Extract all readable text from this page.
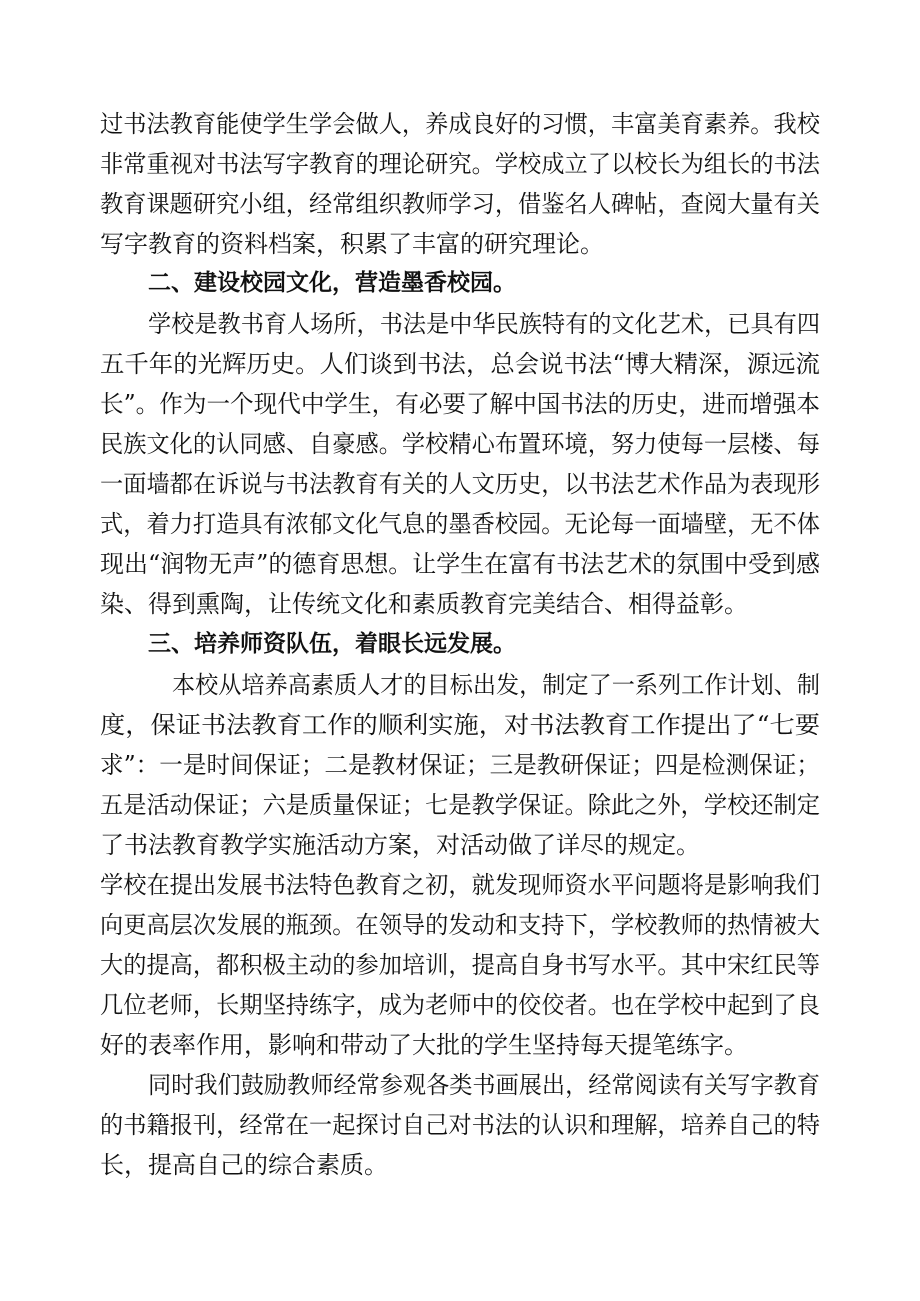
过书法教育能使学生学会做人，养成良好的习惯，丰富美育素养。我校
非常重视对书法写字教育的理论研究。学校成立了以校长为组长的书法
教育课题研究小组，经常组织教师学习，借鉴名人碑帖，查阅大量有关
写字教育的资料档案，积累了丰富的研究理论。
二、建设校园文化，营造墨香校园。
学校是教书育人场所，书法是中华民族特有的文化艺术，已具有四
五千年的光辉历史。人们谈到书法，总会说书法“博大精深，源远流
长”。作为一个现代中学生，有必要了解中国书法的历史，进而增强本
民族文化的认同感、自豪感。学校精心布置环境，努力使每一层楼、每
一面墙都在诉说与书法教育有关的人文历史，以书法艺术作品为表现形
式，着力打造具有浓郁文化气息的墨香校园。无论每一面墙壁，无不体
现出“润物无声”的德育思想。让学生在富有书法艺术的氛围中受到感
染、得到熏陶，让传统文化和素质教育完美结合、相得益彰。
三、培养师资队伍，着眼长远发展。
本校从培养高素质人才的目标出发，制定了一系列工作计划、制
度，保证书法教育工作的顺利实施，对书法教育工作提出了“七要
求”：一是时间保证；二是教材保证；三是教研保证；四是检测保证；
五是活动保证；六是质量保证；七是教学保证。除此之外，学校还制定
了书法教育教学实施活动方案，对活动做了详尽的规定。
学校在提出发展书法特色教育之初，就发现师资水平问题将是影响我们
向更高层次发展的瓶颈。在领导的发动和支持下，学校教师的热情被大
大的提高，都积极主动的参加培训，提高自身书写水平。其中宋红民等
几位老师，长期坚持练字，成为老师中的佼佼者。也在学校中起到了良
好的表率作用，影响和带动了大批的学生坚持每天提笔练字。
同时我们鼓励教师经常参观各类书画展出，经常阅读有关写字教育
的书籍报刊，经常在一起探讨自己对书法的认识和理解，培养自己的特
长，提高自己的综合素质。
